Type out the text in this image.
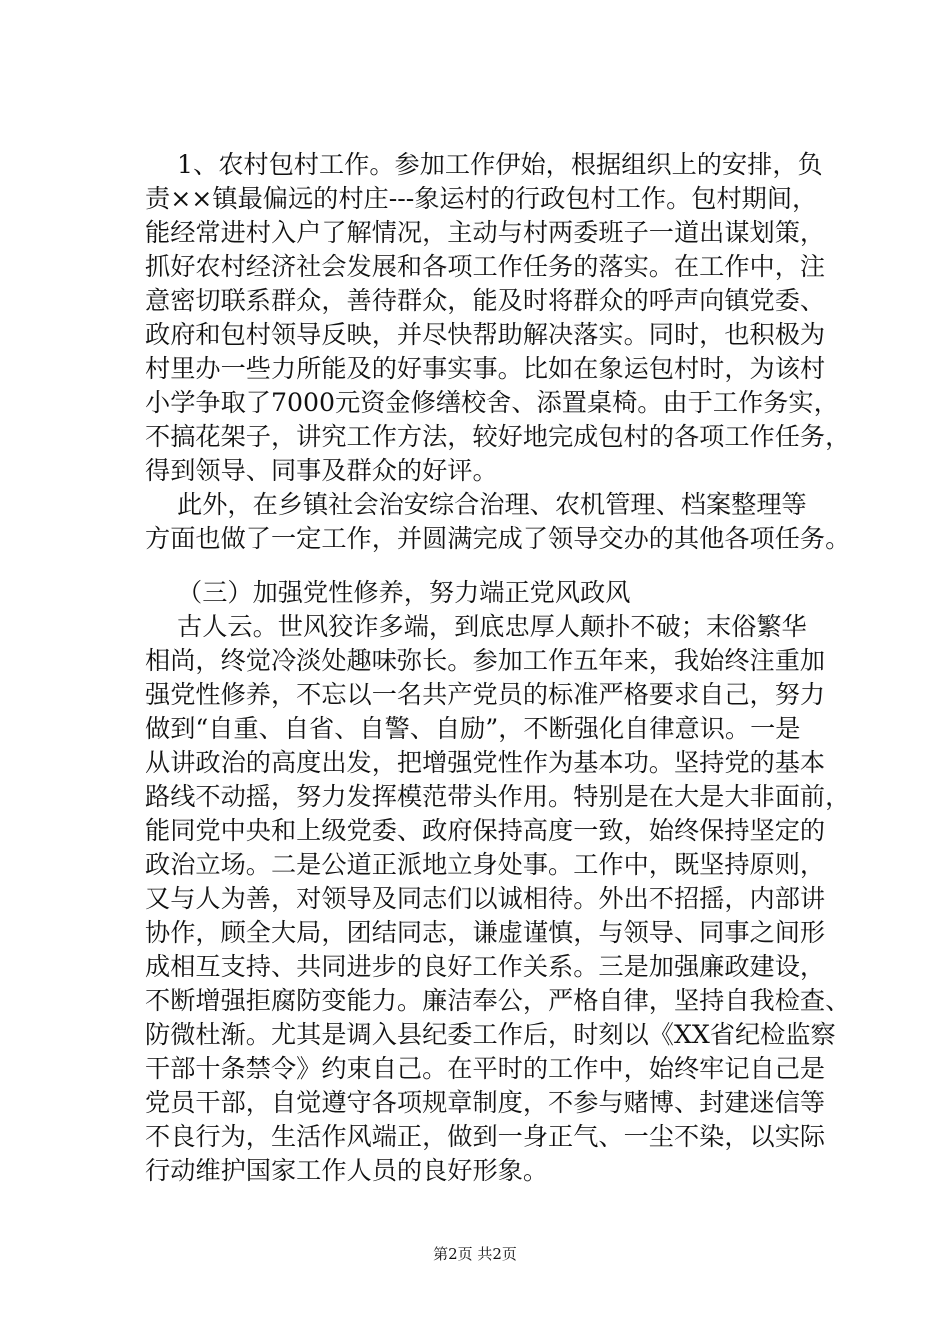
1、农村包村工作。参加工作伊始，根据组织上的安排，负

责××镇最偏远的村庄---象运村的行政包村工作。包村期间，

能经常进村入户了解情况，主动与村两委班子一道出谋划策，

抓好农村经济社会发展和各项工作任务的落实。在工作中，注

意密切联系群众，善待群众，能及时将群众的呼声向镇党委、

政府和包村领导反映，并尽快帮助解决落实。同时，也积极为

村里办一些力所能及的好事实事。比如在象运包村时，为该村

小学争取了7000元资金修缮校舍、添置桌椅。由于工作务实，

不搞花架子，讲究工作方法，较好地完成包村的各项工作任务，

得到领导、同事及群众的好评。

此外，在乡镇社会治安综合治理、农机管理、档案整理等

方面也做了一定工作，并圆满完成了领导交办的其他各项任务。

（三）加强党性修养，努力端正党风政风

古人云。世风狡诈多端，到底忠厚人颠扑不破；末俗繁华

相尚，终觉冷淡处趣味弥长。参加工作五年来，我始终注重加

强党性修养，不忘以一名共产党员的标准严格要求自己，努力

做到“自重、自省、自警、自励”，不断强化自律意识。一是

从讲政治的高度出发，把增强党性作为基本功。坚持党的基本

路线不动摇，努力发挥模范带头作用。特别是在大是大非面前，

能同党中央和上级党委、政府保持高度一致，始终保持坚定的

政治立场。二是公道正派地立身处事。工作中，既坚持原则，

又与人为善，对领导及同志们以诚相待。外出不招摇，内部讲

协作，顾全大局，团结同志，谦虚谨慎，与领导、同事之间形

成相互支持、共同进步的良好工作关系。三是加强廉政建设，

不断增强拒腐防变能力。廉洁奉公，严格自律，坚持自我检查、

防微杜渐。尤其是调入县纪委工作后，时刻以《XX省纪检监察

干部十条禁令》约束自己。在平时的工作中，始终牢记自己是

党员干部，自觉遵守各项规章制度，不参与赌博、封建迷信等

不良行为，生活作风端正，做到一身正气、一尘不染，以实际

行动维护国家工作人员的良好形象。

第2页 共2页
